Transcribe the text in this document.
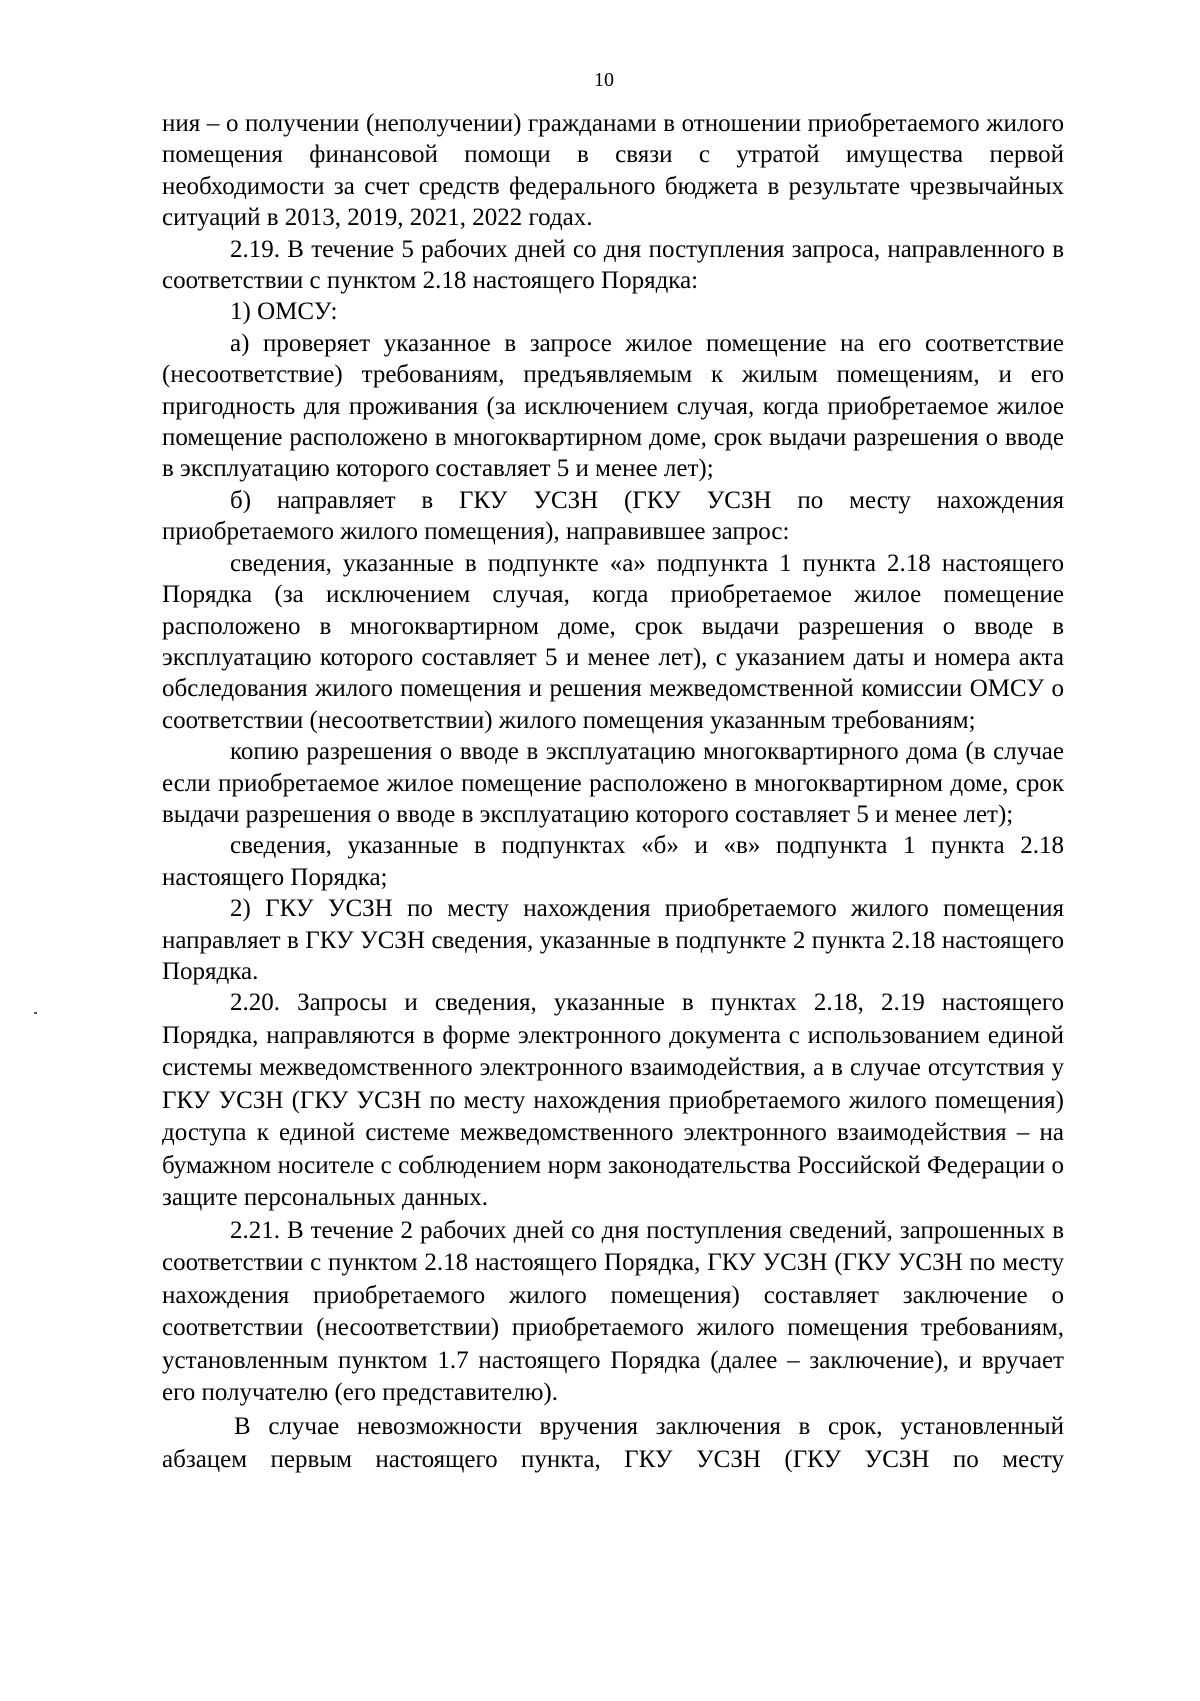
10

ния – о получении (неполучении) гражданами в отношении приобретаемого жилого помещения финансовой помощи в связи с утратой имущества первой необходимости за счет средств федерального бюджета в результате чрезвычайных ситуаций в 2013, 2019, 2021, 2022 годах.

2.19. В течение 5 рабочих дней со дня поступления запроса, направленного в соответствии с пунктом 2.18 настоящего Порядка:

1) ОМСУ:

а) проверяет указанное в запросе жилое помещение на его соответствие (несоответствие) требованиям, предъявляемым к жилым помещениям, и его пригодность для проживания (за исключением случая, когда приобретаемое жилое помещение расположено в многоквартирном доме, срок выдачи разрешения о вводе в эксплуатацию которого составляет 5 и менее лет);

б) направляет в ГКУ УСЗН (ГКУ УСЗН по месту нахождения приобретаемого жилого помещения), направившее запрос:

сведения, указанные в подпункте «а» подпункта 1 пункта 2.18 настоящего Порядка (за исключением случая, когда приобретаемое жилое помещение расположено в многоквартирном доме, срок выдачи разрешения о вводе в эксплуатацию которого составляет 5 и менее лет), с указанием даты и номера акта обследования жилого помещения и решения межведомственной комиссии ОМСУ о соответствии (несоответствии) жилого помещения указанным требованиям;

копию разрешения о вводе в эксплуатацию многоквартирного дома (в случае если приобретаемое жилое помещение расположено в многоквартирном доме, срок выдачи разрешения о вводе в эксплуатацию которого составляет 5 и менее лет);

сведения, указанные в подпунктах «б» и «в» подпункта 1 пункта 2.18 настоящего Порядка;

2) ГКУ УСЗН по месту нахождения приобретаемого жилого помещения направляет в ГКУ УСЗН сведения, указанные в подпункте 2 пункта 2.18 настоящего Порядка.

2.20. Запросы и сведения, указанные в пунктах 2.18, 2.19 настоящего Порядка, направляются в форме электронного документа с использованием единой системы межведомственного электронного взаимодействия, а в случае отсутствия у ГКУ УСЗН (ГКУ УСЗН по месту нахождения приобретаемого жилого помещения) доступа к единой системе межведомственного электронного взаимодействия – на бумажном носителе с соблюдением норм законодательства Российской Федерации о защите персональных данных.

2.21. В течение 2 рабочих дней со дня поступления сведений, запрошенных в соответствии с пунктом 2.18 настоящего Порядка, ГКУ УСЗН (ГКУ УСЗН по месту нахождения приобретаемого жилого помещения) составляет заключение о соответствии (несоответствии) приобретаемого жилого помещения требованиям, установленным пунктом 1.7 настоящего Порядка (далее – заключение), и вручает его получателю (его представителю).

В случае невозможности вручения заключения в срок, установленный абзацем первым настоящего пункта, ГКУ УСЗН (ГКУ УСЗН по месту
